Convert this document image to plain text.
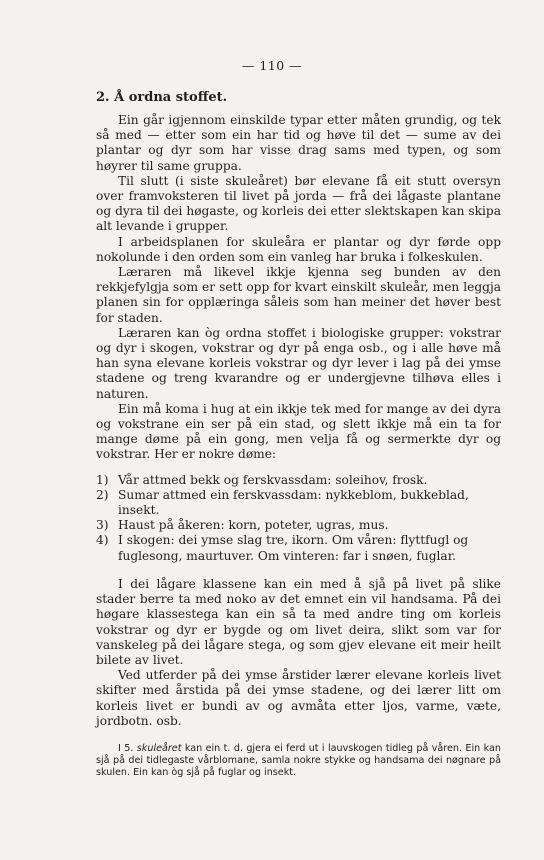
— 110 —
2. Å ordna stoffet.

Ein går igjennom einskilde typar etter måten grundig, og tek så med — etter som ein har tid og høve til det — sume av dei plantar og dyr som har visse drag sams med typen, og som høyrer til same gruppa.

Til slutt (i siste skuleåret) bør elevane få eit stutt oversyn over framvoksteren til livet på jorda — frå dei lågaste plantane og dyra til dei høgaste, og korleis dei etter slektskapen kan skipa alt levande i grupper.

I arbeidsplanen for skuleåra er plantar og dyr førde opp nokolunde i den orden som ein vanleg har bruka i folkeskulen.

Læraren må likevel ikkje kjenna seg bunden av den rekkjefylgja som er sett opp for kvart einskilt skuleår, men leggja planen sin for opplæringa såleis som han meiner det høver best for staden.

Læraren kan òg ordna stoffet i biologiske grupper: vokstrar og dyr i skogen, vokstrar og dyr på enga osb., og i alle høve må han syna elevane korleis vokstrar og dyr lever i lag på dei ymse stadene og treng kvarandre og er undergjevne tilhøva elles i naturen.

Ein må koma i hug at ein ikkje tek med for mange av dei dyra og vokstrane ein ser på ein stad, og slett ikkje må ein ta for mange døme på ein gong, men velja få og sermerkte dyr og vokstrar. Her er nokre døme:

1) Vår attmed bekk og ferskvassdam: soleihov, frosk.
2) Sumar attmed ein ferskvassdam: nykkeblom, bukkeblad, insekt.
3) Haust på åkeren: korn, poteter, ugras, mus.
4) I skogen: dei ymse slag tre, ikorn. Om våren: flyttfugl og fuglesong, maurtuver. Om vinteren: far i snøen, fuglar.

I dei lågare klassene kan ein med å sjå på livet på slike stader berre ta med noko av det emnet ein vil handsama. På dei høgare klassestega kan ein så ta med andre ting om korleis vokstrar og dyr er bygde og om livet deira, slikt som var for vanskeleg på dei lågare stega, og som gjev elevane eit meir heilt bilete av livet.

Ved utferder på dei ymse årstider lærer elevane korleis livet skifter med årstida på dei ymse stadene, og dei lærer litt om korleis livet er bundi av og avmåta etter ljos, varme, væte, jordbotn. osb.

I 5. skuleåret kan ein t. d. gjera ei ferd ut i lauvskogen tidleg på våren. Ein kan sjå på dei tidlegaste vårblomane, samla nokre stykke og handsama dei nøgnare på skulen. Ein kan òg sjå på fuglar og insekt.
